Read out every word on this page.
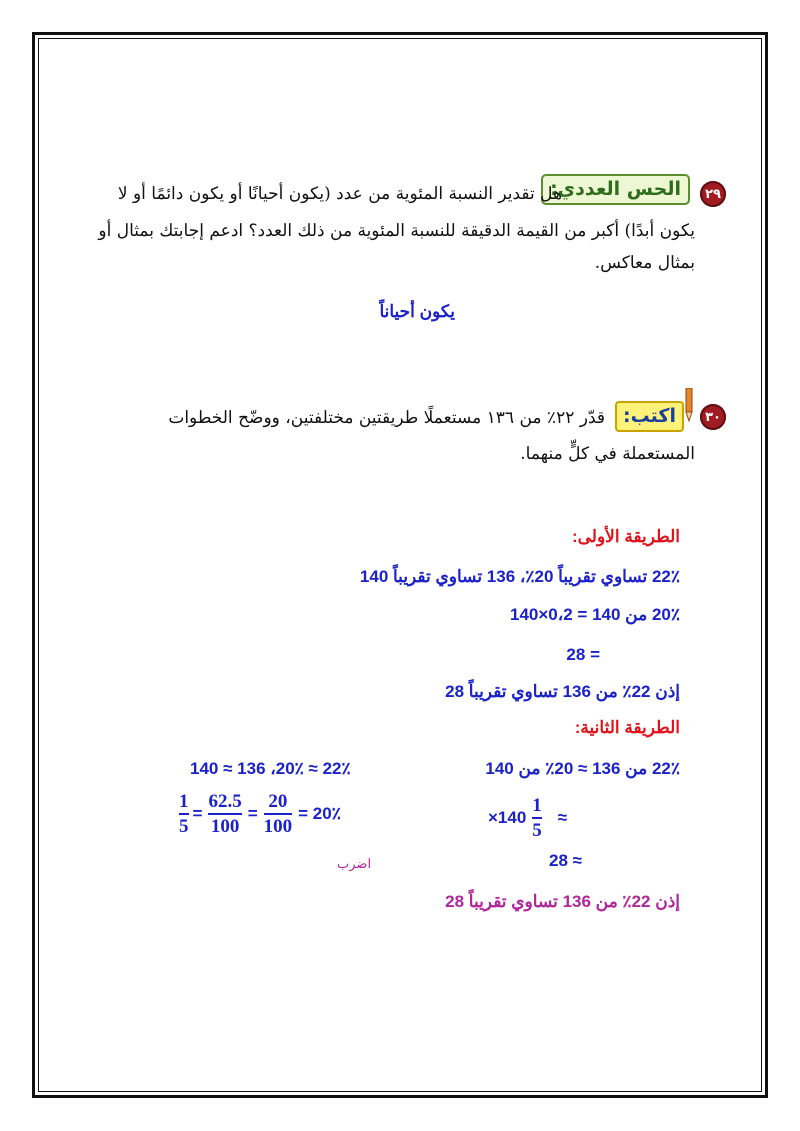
٢٩
الحس العددي:
هل تقدير النسبة المئوية من عدد (يكون أحيانًا أو يكون دائمًا أو لا
يكون أبدًا) أكبر من القيمة الدقيقة للنسبة المئوية من ذلك العدد؟ ادعم إجابتك بمثال أو
بمثال معاكس.
يكون أحياناً
٣٠
اكتب:
قدّر ٢٢٪ من ١٣٦ مستعملًا طريقتين مختلفتين، ووضّح الخطوات
المستعملة في كلٍّ منهما.
الطريقة الأولى:
22٪ تساوي تقريباً 20٪، 136 تساوي تقريباً 140
20٪ من 140 = 0،2×140
= 28
إذن 22٪ من 136 تساوي تقريباً 28
الطريقة الثانية:
22٪ من 136 ≈ 20٪ من 140
$\times 140 \frac{1}{5}$ ≈
≈ 28
22٪ ≈ 20٪، 136 ≈ 140
20٪ =
$\frac{20}{100}$
=
$\frac{62.5}{100}$
=
$\frac{1}{5}$
اضرب
إذن 22٪ من 136 تساوي تقريباً 28
